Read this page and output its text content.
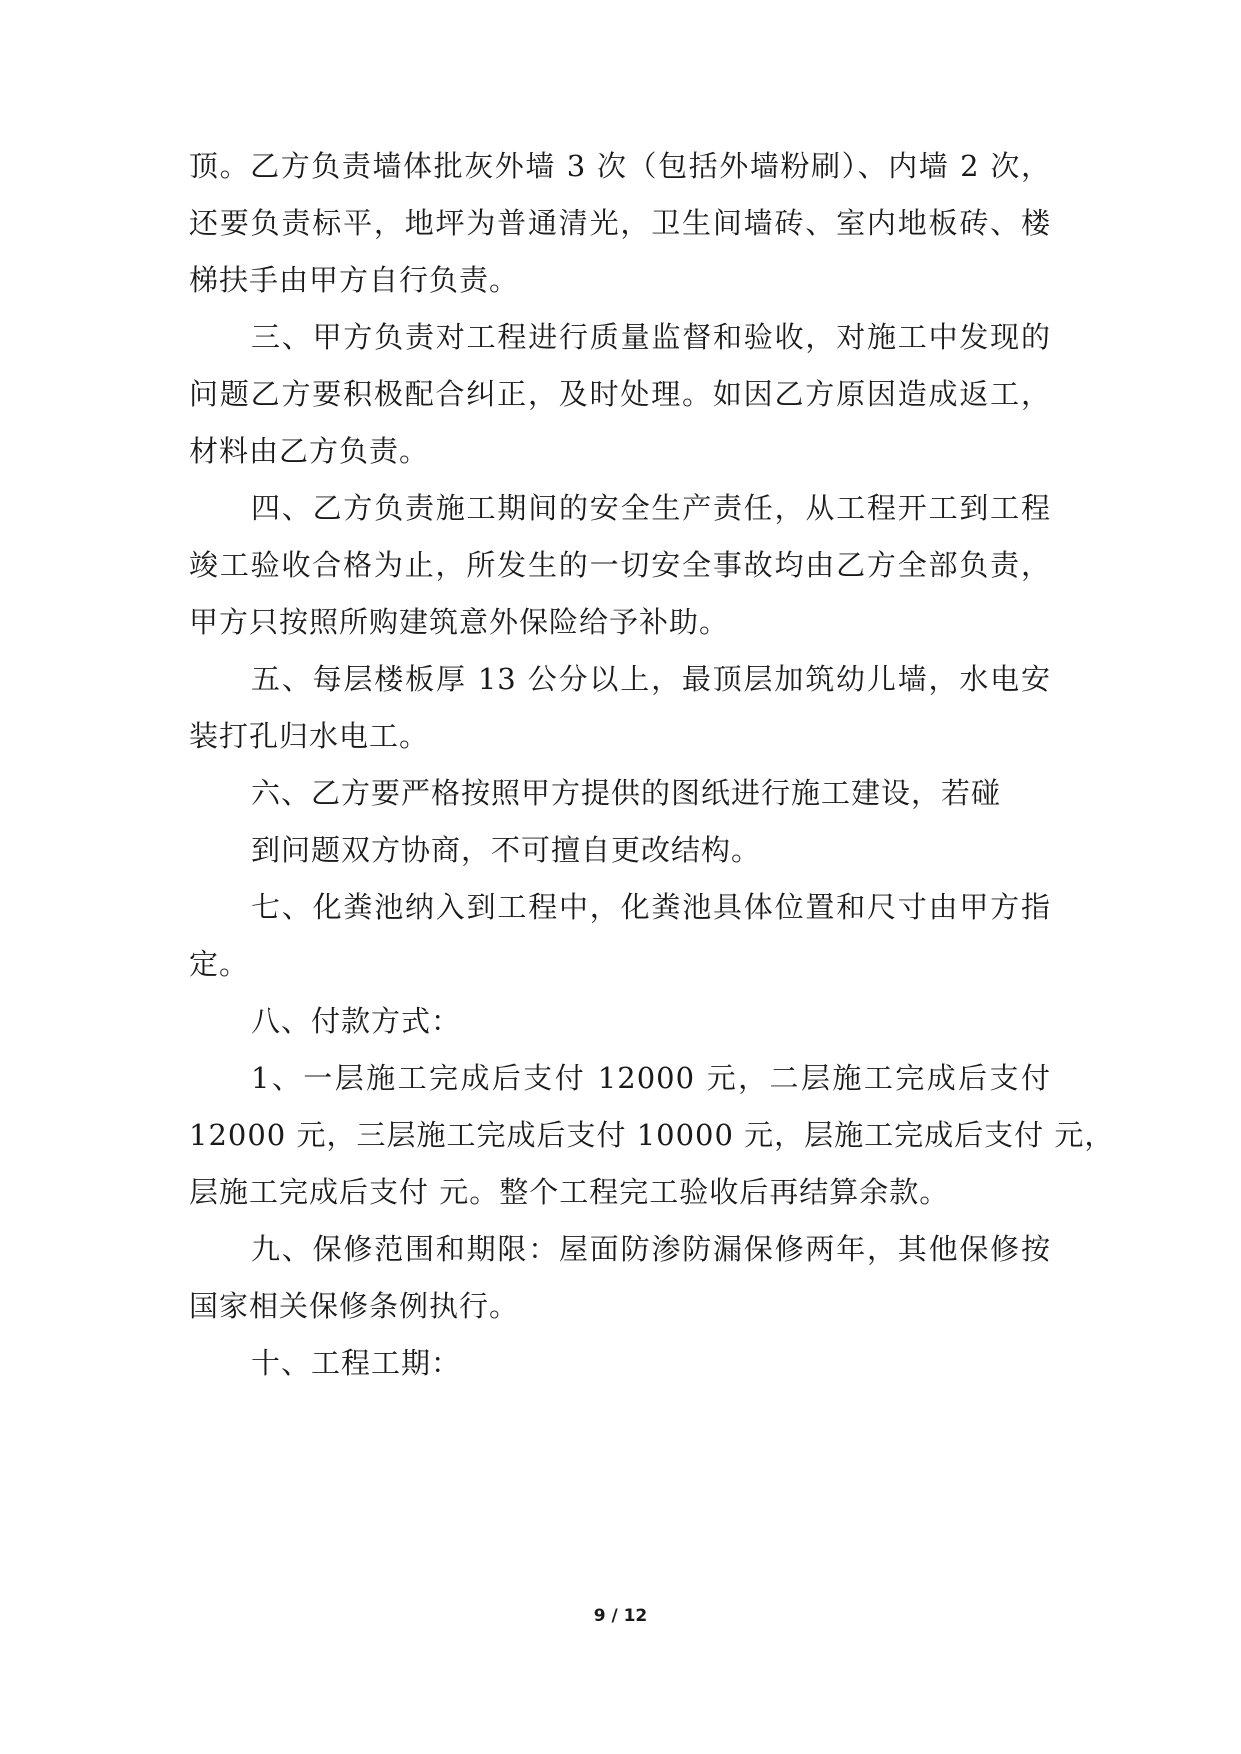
顶。乙方负责墙体批灰外墙 3 次（包括外墙粉刷）、内墙 2 次，
还要负责标平，地坪为普通清光，卫生间墙砖、室内地板砖、楼
梯扶手由甲方自行负责。
三、甲方负责对工程进行质量监督和验收，对施工中发现的
问题乙方要积极配合纠正，及时处理。如因乙方原因造成返工，
材料由乙方负责。
四、乙方负责施工期间的安全生产责任，从工程开工到工程
竣工验收合格为止，所发生的一切安全事故均由乙方全部负责，
甲方只按照所购建筑意外保险给予补助。
五、每层楼板厚 13 公分以上，最顶层加筑幼儿墙，水电安
装打孔归水电工。
六、乙方要严格按照甲方提供的图纸进行施工建设，若碰
到问题双方协商，不可擅自更改结构。
七、化粪池纳入到工程中，化粪池具体位置和尺寸由甲方指
定。
八、付款方式：
1、一层施工完成后支付 12000 元，二层施工完成后支付
12000 元，三层施工完成后支付 10000 元，层施工完成后支付 元，
层施工完成后支付 元。整个工程完工验收后再结算余款。
九、保修范围和期限：屋面防渗防漏保修两年，其他保修按
国家相关保修条例执行。
十、工程工期：
9 / 12
